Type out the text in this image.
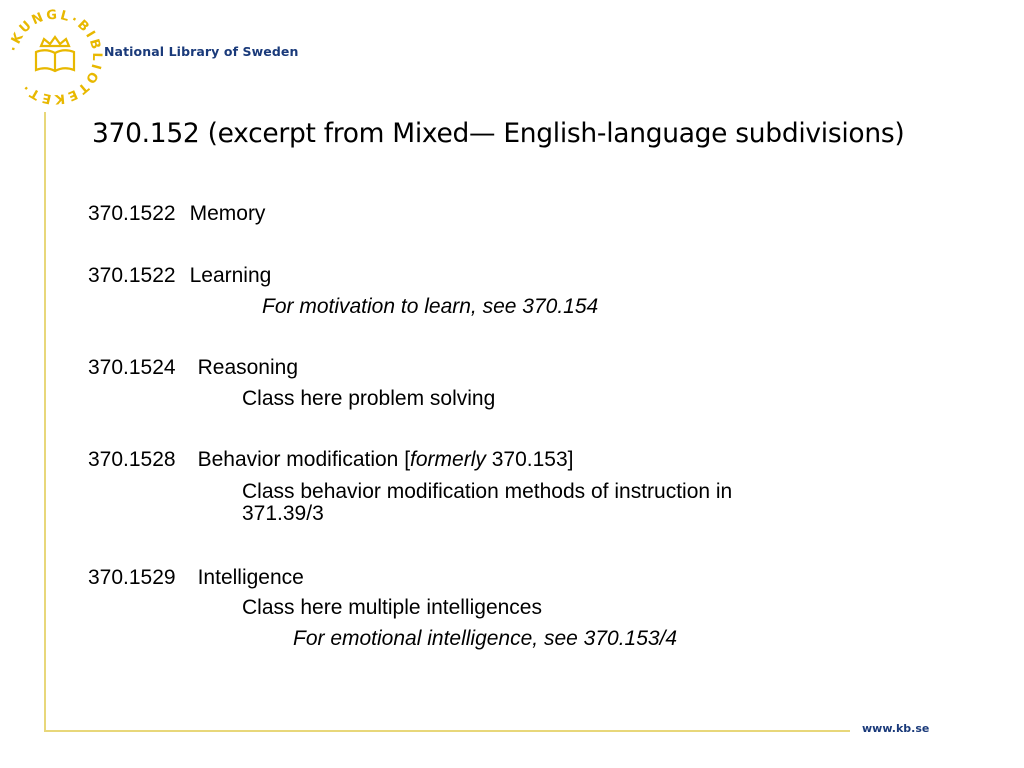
·KUNGL·BIBLIOTEKET·
National Library of Sweden
www.kb.se
370.152 (excerpt from Mixed— English-language subdivisions)
370.1522 Memory
370.1522 Learning
For motivation to learn, see 370.154
370.1524 Reasoning
Class here problem solving
370.1528 Behavior modification [formerly 370.153]
Class behavior modification methods of instruction in
371.39/3
370.1529 Intelligence
Class here multiple intelligences
For emotional intelligence, see 370.153/4
